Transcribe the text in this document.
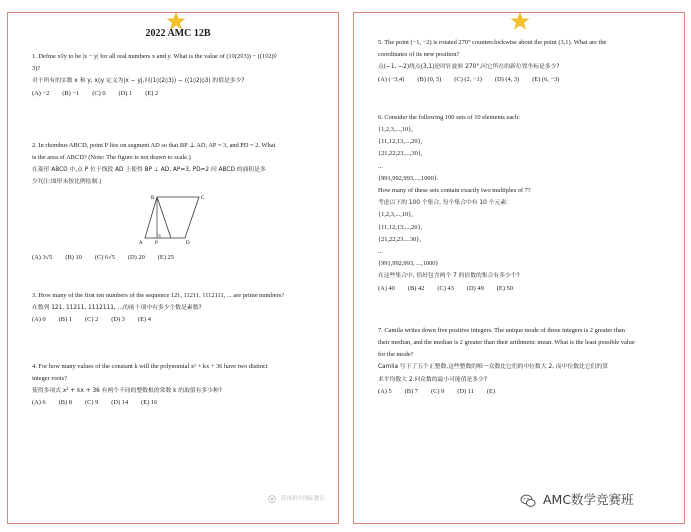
2022 AMC 12B

1. Define x◊y to be |x − y| for all real numbers x and y. What is the value of (1◊(2◊3)) − ((1◊2)◊

3)?

对于所有的实数 x 和 y, x◊y 定义为|x − y|,问(1◊(2◊3)) − ((1◊2)◊3) 的值是多少?

(A) −2 (B) −1 (C) 0 (D) 1 (E) 2

2. In rhombus ABCD, point P lies on segment AD so that BP ⊥ AD, AP = 3, and PD = 2. What

is the area of ABCD? (Note: The figure is not drawn to scale.)

在菱形 ABCD 中,点 P 位于线段 AD 上使得 BP ⊥ AD, AP=3, PD=2 问 ABCD 的面积是多

少?(注:图形未按比例绘制.)

A
B	C
D
P
(A) 3√5 (B) 10 (C) 6√5 (D) 20 (E) 25

3. How many of the first ten numbers of the sequence 121, 11211, 1112111, ... are prime numbers?

在数列 121, 11211, 1112111, ...的前十项中有多少个数是素数?

(A) 0 (B) 1 (C) 2 (D) 3 (E) 4

4. For how many values of the constant k will the polynomial x² + kx + 36 have two distinct

integer roots?

使得多项式 x² + kx + 36 有两个不同的整数根的常数 k 的取值有多少种?

(A) 6 (B) 8 (C) 9 (D) 14 (E) 16

5. The point (−1, −2) is rotated 270° counterclockwise about the point (3,1). What are the

coordinates of its new position?

点(−1, −2)绕点(3,1)逆时针旋转 270°,问它所在的新位置坐标是多少?

(A) (−3,4) (B) (0, 5) (C) (2, −1) (D) (4, 3) (E) (6, −3)

6. Consider the following 100 sets of 10 elements each:

{1,2,3,...,10},

{11,12,13,...,20},

{21,22,23,...,30},

...

{991,992,993,...,1000}.

How many of these sets contain exactly two multiples of 7?

考虑以下的 100 个集合, 每个集合中有 10 个元素:

{1,2,3,...,10},

{11,12,13,...,20},

{21,22,23....30},

...

{991,992,993, ...,1000}

在这些集合中, 恰好包含两个 7 的倍数的集合有多少个?

(A) 40 (B) 42 (C) 43 (D) 49 (E) 50

7. Camila writes down five positive integers. The unique mode of these integers is 2 greater than

their median, and the median is 2 greater than their arithmetic mean. What is the least possible value

for the mode?

Camila 写下了五个正整数.这些整数的唯一众数比它们的中位数大 2, 而中位数比它们的算

术平均数大 2.问众数的最小可能值是多少?

(A) 5 (B) 7 (C) 9 (D) 11 (E)
苏州新中国际教育	AMC数学竞赛班
